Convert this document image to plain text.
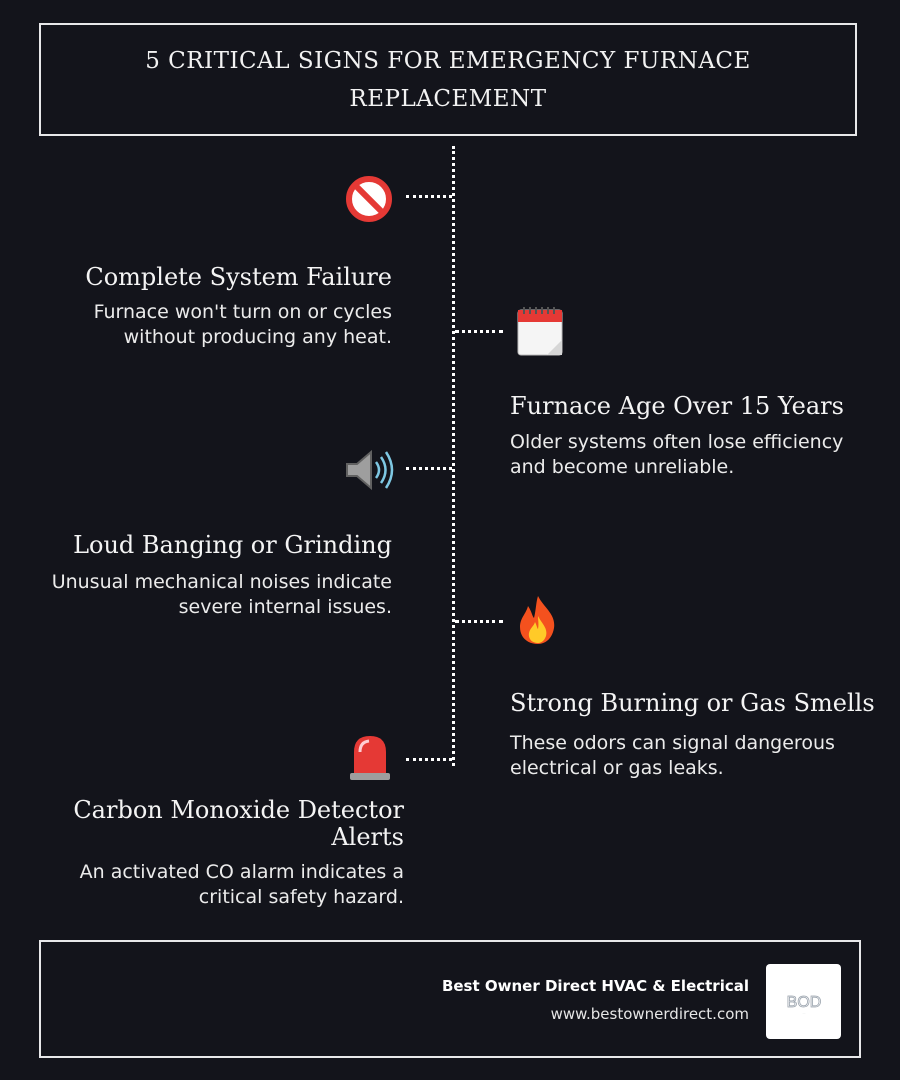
5 CRITICAL SIGNS FOR EMERGENCY FURNACE REPLACEMENT
Complete System Failure
Furnace won't turn on or cycles without producing any heat.
Furnace Age Over 15 Years
Older systems often lose efficiency and become unreliable.
Loud Banging or Grinding
Unusual mechanical noises indicate severe internal issues.
Strong Burning or Gas Smells
These odors can signal dangerous electrical or gas leaks.
Carbon Monoxide Detector Alerts
An activated CO alarm indicates a critical safety hazard.
Best Owner Direct HVAC & Electrical
www.bestownerdirect.com
BOD
···
